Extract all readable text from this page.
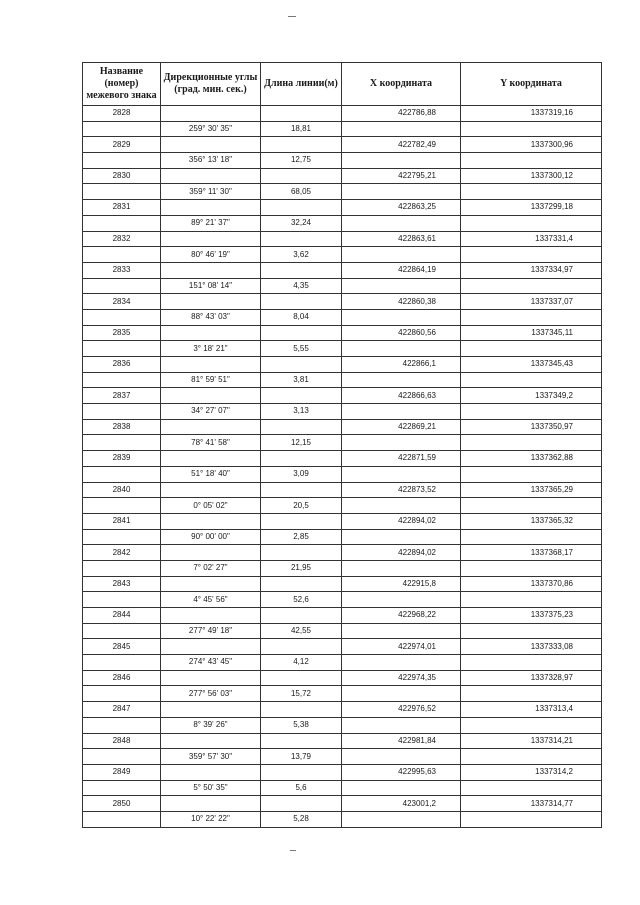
Название (номер) межевого знака	Дирекционные углы (град. мин. сек.)	Длина линии(м)	X координата	Y координата
2828			422786,88	1337319,16
	259° 30' 35"	18,81		
2829			422782,49	1337300,96
	356° 13' 18"	12,75		
2830			422795,21	1337300,12
	359° 11' 30"	68,05		
2831			422863,25	1337299,18
	89° 21' 37"	32,24		
2832			422863,61	1337331,4
	80° 46' 19"	3,62		
2833			422864,19	1337334,97
	151° 08' 14"	4,35		
2834			422860,38	1337337,07
	88° 43' 03"	8,04		
2835			422860,56	1337345,11
	3° 18' 21"	5,55		
2836			422866,1	1337345,43
	81° 59' 51"	3,81		
2837			422866,63	1337349,2
	34° 27' 07"	3,13		
2838			422869,21	1337350,97
	78° 41' 58"	12,15		
2839			422871,59	1337362,88
	51° 18' 40"	3,09		
2840			422873,52	1337365,29
	0° 05' 02"	20,5		
2841			422894,02	1337365,32
	90° 00' 00"	2,85		
2842			422894,02	1337368,17
	7° 02' 27"	21,95		
2843			422915,8	1337370,86
	4° 45' 56"	52,6		
2844			422968,22	1337375,23
	277° 49' 18"	42,55		
2845			422974,01	1337333,08
	274° 43' 45"	4,12		
2846			422974,35	1337328,97
	277° 56' 03"	15,72		
2847			422976,52	1337313,4
	8° 39' 26"	5,38		
2848			422981,84	1337314,21
	359° 57' 30"	13,79		
2849			422995,63	1337314,2
	5° 50' 35"	5,6		
2850			423001,2	1337314,77
	10° 22' 22"	5,28		
